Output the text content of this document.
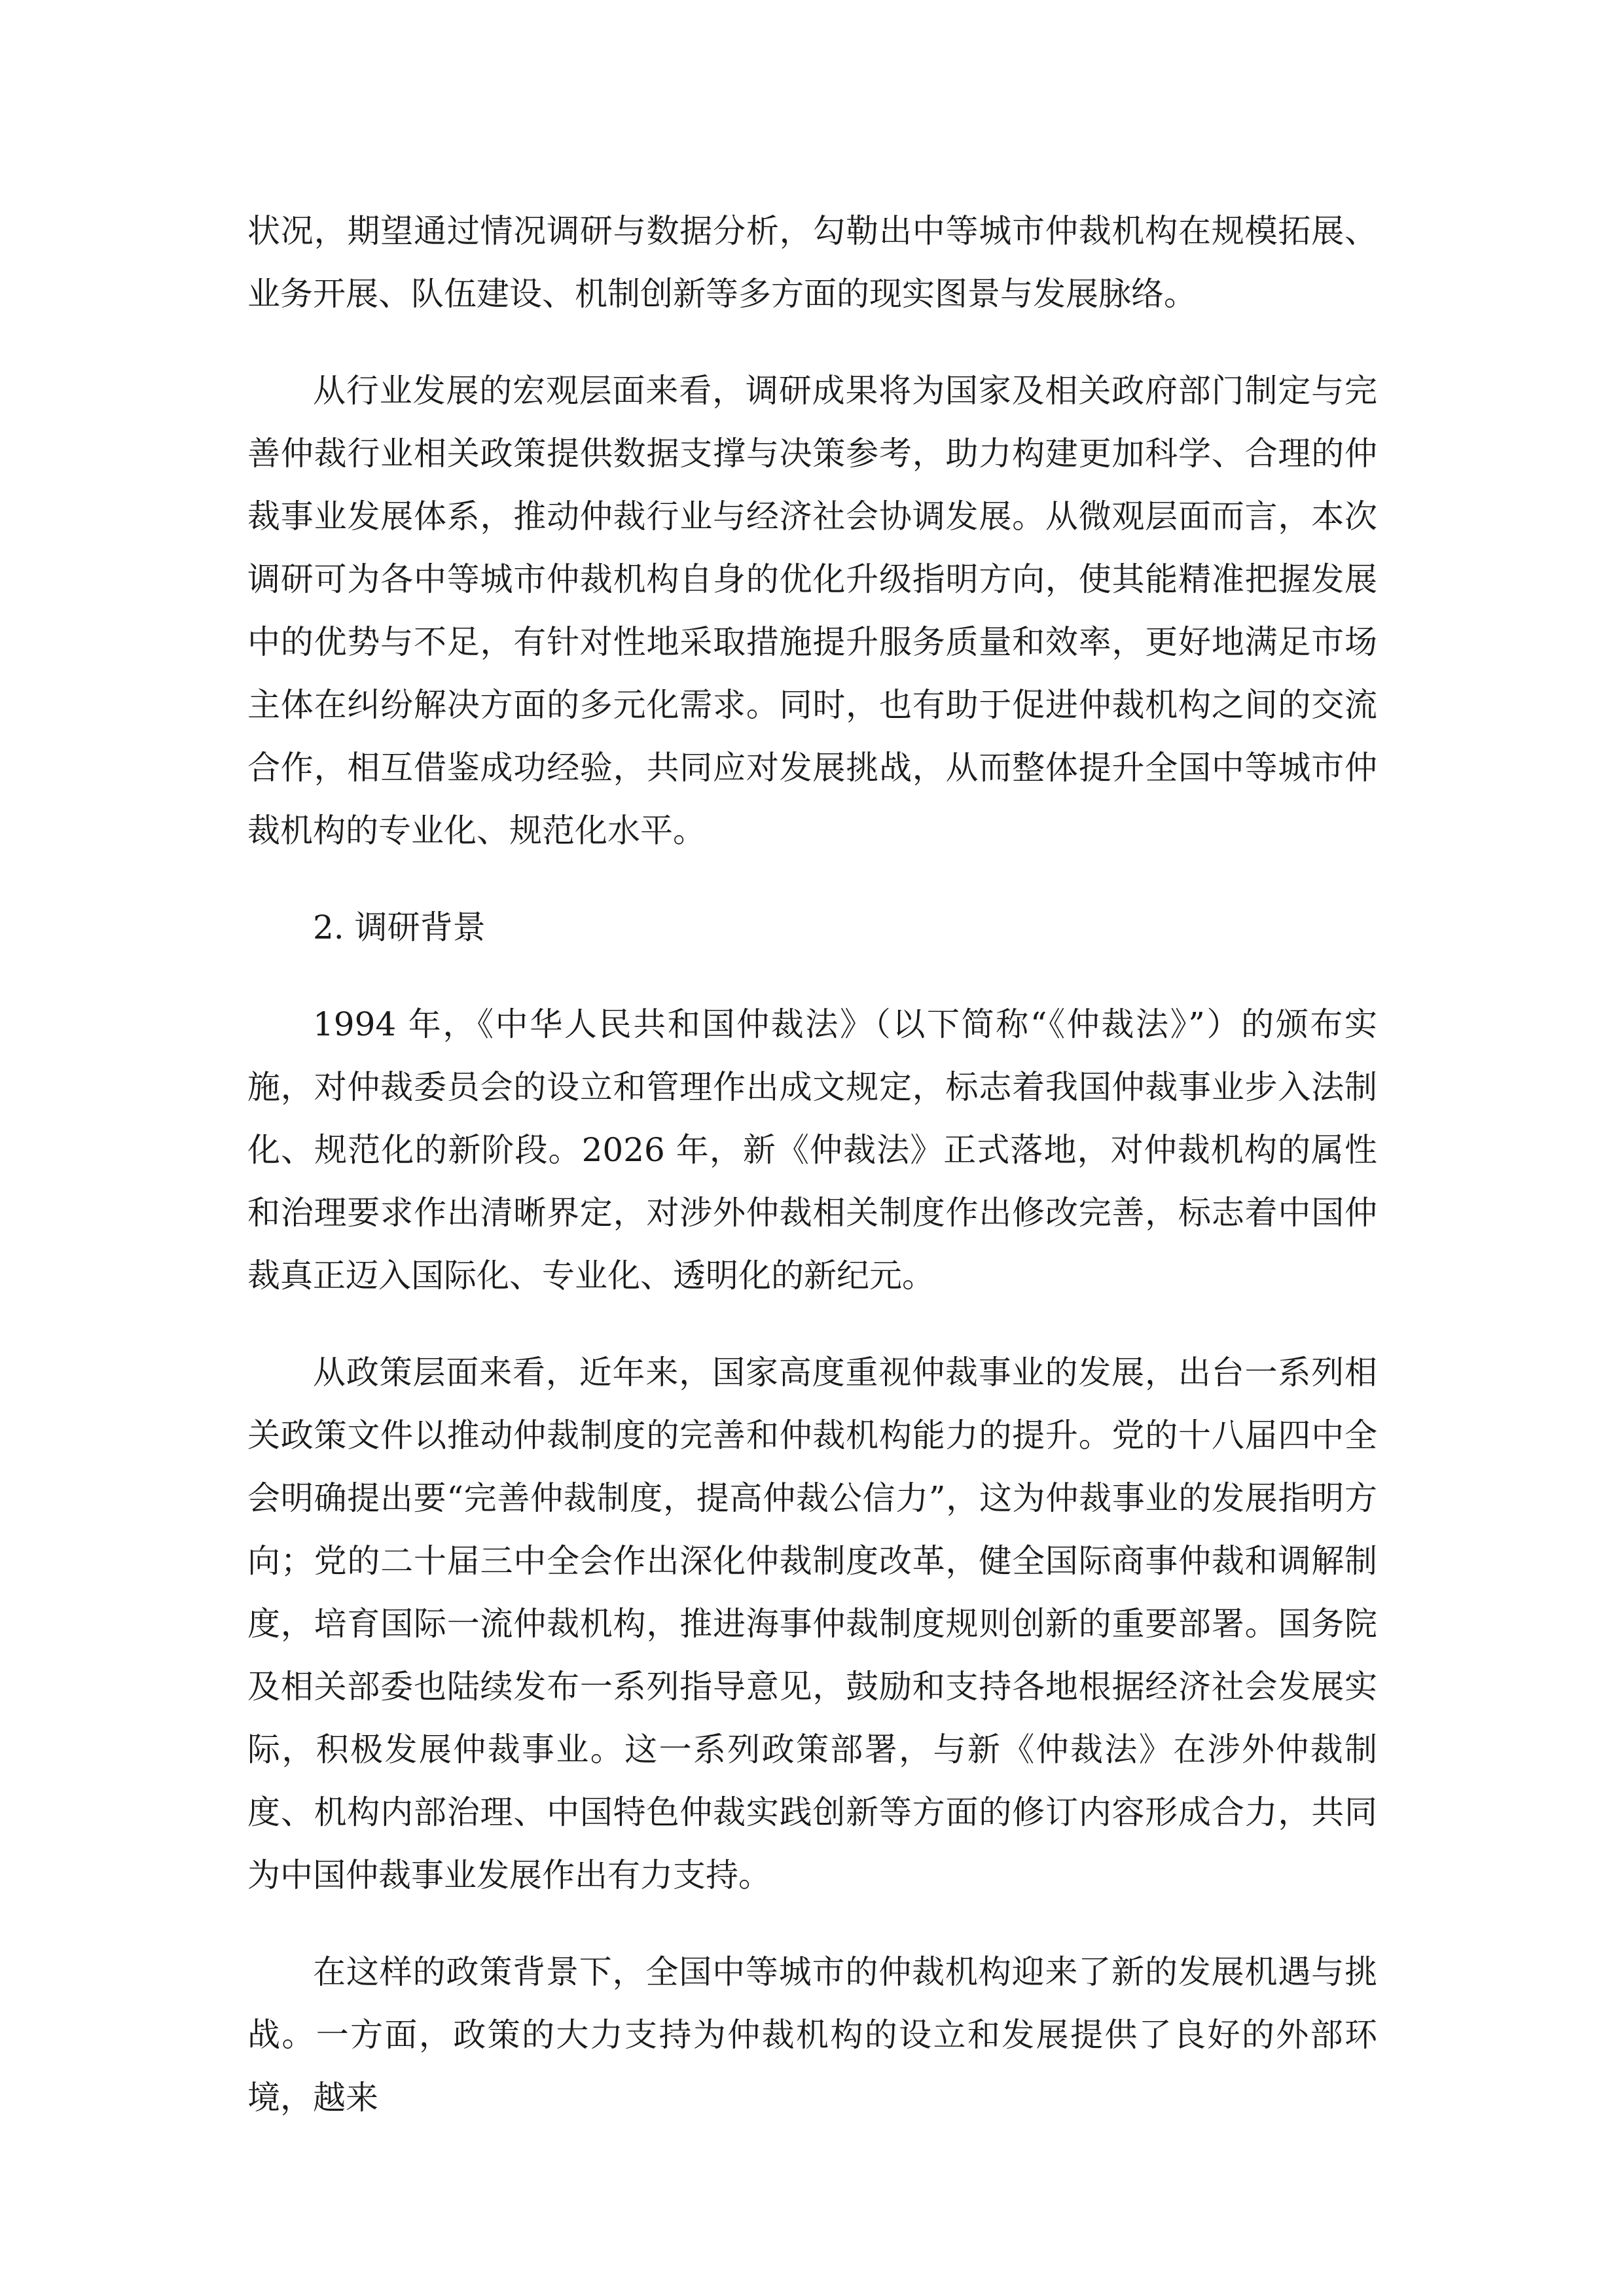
状况，期望通过情况调研与数据分析，勾勒出中等城市仲裁机构在规模拓展、业务开展、队伍建设、机制创新等多方面的现实图景与发展脉络。

从行业发展的宏观层面来看，调研成果将为国家及相关政府部门制定与完善仲裁行业相关政策提供数据支撑与决策参考，助力构建更加科学、合理的仲裁事业发展体系，推动仲裁行业与经济社会协调发展。从微观层面而言，本次调研可为各中等城市仲裁机构自身的优化升级指明方向，使其能精准把握发展中的优势与不足，有针对性地采取措施提升服务质量和效率，更好地满足市场主体在纠纷解决方面的多元化需求。同时，也有助于促进仲裁机构之间的交流合作，相互借鉴成功经验，共同应对发展挑战，从而整体提升全国中等城市仲裁机构的专业化、规范化水平。

2. 调研背景

1994 年，《中华人民共和国仲裁法》（以下简称“《仲裁法》”）的颁布实施，对仲裁委员会的设立和管理作出成文规定，标志着我国仲裁事业步入法制化、规范化的新阶段。2026 年，新《仲裁法》正式落地，对仲裁机构的属性和治理要求作出清晰界定，对涉外仲裁相关制度作出修改完善，标志着中国仲裁真正迈入国际化、专业化、透明化的新纪元。

从政策层面来看，近年来，国家高度重视仲裁事业的发展，出台一系列相关政策文件以推动仲裁制度的完善和仲裁机构能力的提升。党的十八届四中全会明确提出要“完善仲裁制度，提高仲裁公信力”，这为仲裁事业的发展指明方向；党的二十届三中全会作出深化仲裁制度改革，健全国际商事仲裁和调解制度，培育国际一流仲裁机构，推进海事仲裁制度规则创新的重要部署。国务院及相关部委也陆续发布一系列指导意见，鼓励和支持各地根据经济社会发展实际，积极发展仲裁事业。这一系列政策部署，与新《仲裁法》在涉外仲裁制度、机构内部治理、中国特色仲裁实践创新等方面的修订内容形成合力，共同为中国仲裁事业发展作出有力支持。

在这样的政策背景下，全国中等城市的仲裁机构迎来了新的发展机遇与挑战。一方面，政策的大力支持为仲裁机构的设立和发展提供了良好的外部环境，越来
